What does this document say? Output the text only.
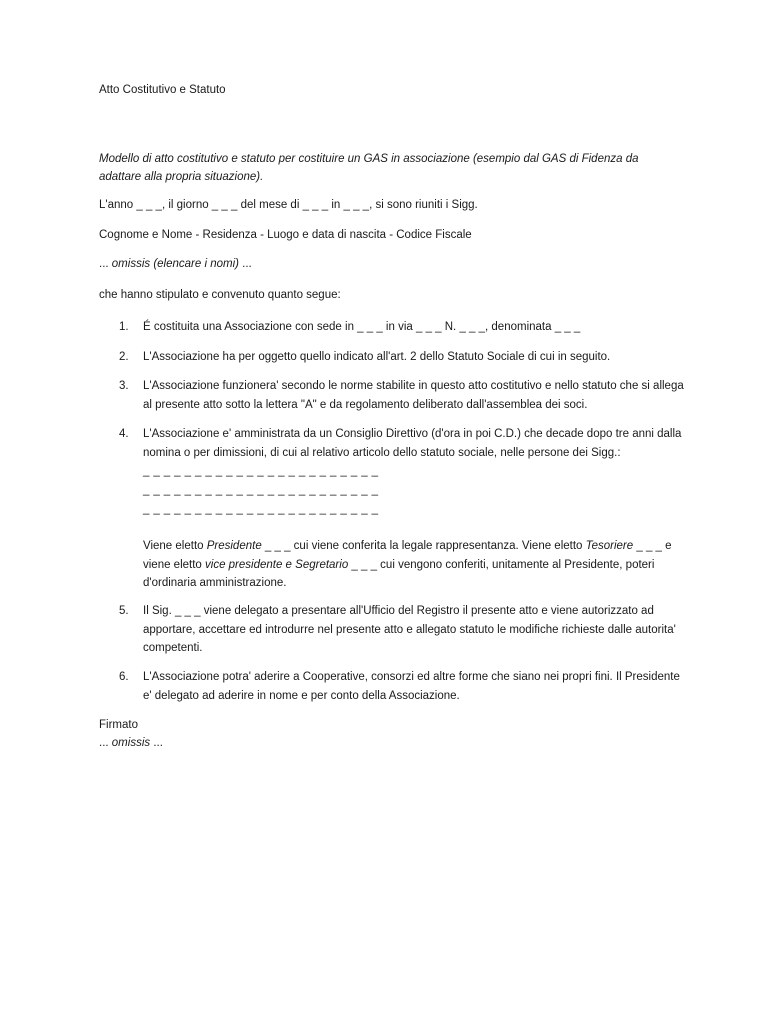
Atto Costitutivo e Statuto
Modello di atto costitutivo e statuto per costituire un GAS in associazione (esempio dal GAS di Fidenza da adattare alla propria situazione).
L'anno _ _ _, il giorno _ _ _ del mese di _ _ _ in _ _ _, si sono riuniti i Sigg.
Cognome e Nome - Residenza - Luogo e data di nascita - Codice Fiscale
... omissis (elencare i nomi) ...
che hanno stipulato e convenuto quanto segue:
1. É costituita una Associazione con sede in _ _ _ in via _ _ _ N. _ _ _, denominata _ _ _
2. L'Associazione ha per oggetto quello indicato all'art. 2 dello Statuto Sociale di cui in seguito.
3. L'Associazione funzionera' secondo le norme stabilite in questo atto costitutivo e nello statuto che si allega al presente atto sotto la lettera "A" e da regolamento deliberato dall'assemblea dei soci.
4. L'Associazione e' amministrata da un Consiglio Direttivo (d'ora in poi C.D.) che decade dopo tre anni dalla nomina o per dimissioni, di cui al relativo articolo dello statuto sociale, nelle persone dei Sigg.:
_ _ _ _ _ _ _ _ _ _ _ _ _ _ _ _ _ _ _ _ _ _ _
_ _ _ _ _ _ _ _ _ _ _ _ _ _ _ _ _ _ _ _ _ _ _
_ _ _ _ _ _ _ _ _ _ _ _ _ _ _ _ _ _ _ _ _ _ _
Viene eletto Presidente _ _ _ cui viene conferita la legale rappresentanza. Viene eletto Tesoriere _ _ _ e viene eletto vice presidente e Segretario _ _ _ cui vengono conferiti, unitamente al Presidente, poteri d'ordinaria amministrazione.
5. Il Sig. _ _ _ viene delegato a presentare all'Ufficio del Registro il presente atto e viene autorizzato ad apportare, accettare ed introdurre nel presente atto e allegato statuto le modifiche richieste dalle autorita' competenti.
6. L'Associazione potra' aderire a Cooperative, consorzi ed altre forme che siano nei propri fini. Il Presidente e' delegato ad aderire in nome e per conto della Associazione.
Firmato
... omissis ...
